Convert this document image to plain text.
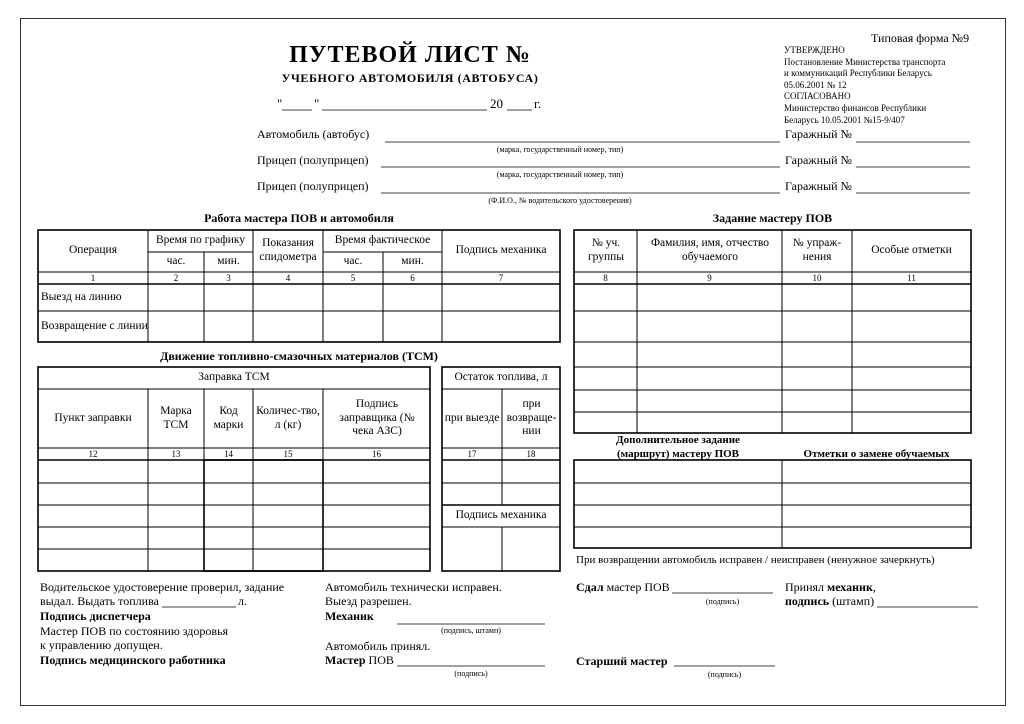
Типовая форма №9
УТВЕРЖДЕНО
Постановление Министерства транспорта
и коммуникаций Республики Беларусь
05.06.2001 № 12
СОГЛАСОВАНО
Министерство финансов Республики
Беларусь 10.05.2001 №15-9/407
ПУТЕВОЙ ЛИСТ №
УЧЕБНОГО АВТОМОБИЛЯ (АВТОБУСА)
" "	20 г.
Автомобиль (автобус)
(марка, государственный номер, тип)
Прицеп (полуприцеп)
(марка, государственный номер, тип)
Прицеп (полуприцеп)
(Ф.И.О., № водительского удостоверения)
Гаражный №
Гаражный №
Гаражный №
Работа мастера ПОВ и автомобиля
Операция
Время по графику
час.	мин.
Показания спидометра
Время фактическое
час.	мин.
Подпись механика
1	2	3	4	5	6	7
Выезд на линию
Возвращение с линии
Задание мастеру ПОВ
№ уч. группы
Фамилия, имя, отчество обучаемого
№ упраж-нения
Особые отметки
8	9	10	11
Движение топливно-смазочных материалов (ТСМ)
Заправка ТСМ
Пункт заправки
Марка ТСМ
Код марки
Количес-тво, л (кг)
Подпись заправщика (№ чека АЗС)
Остаток топлива, л
при выезде
при возвраще-нии
12	13	14	15	16	17	18
Подпись механика
Дополнительное задание
(маршрут) мастеру ПОВ	Отметки о замене обучаемых
При возвращении автомобиль исправен / неисправен (ненужное зачеркнуть)
Водительское удостоверение проверил, задание
выдал. Выдать топлива	л.
Подпись диспетчера
Мастер ПОВ по состоянию здоровья
к управлению допущен.
Подпись медицинского работника
Автомобиль технически исправен.
Выезд разрешен.
Механик
(подпись, штамп)
Автомобиль принял.
Мастер ПОВ
(подпись)
Сдал мастер ПОВ
(подпись)
Старший мастер
(подпись)
Принял механик,
подпись (штамп)
